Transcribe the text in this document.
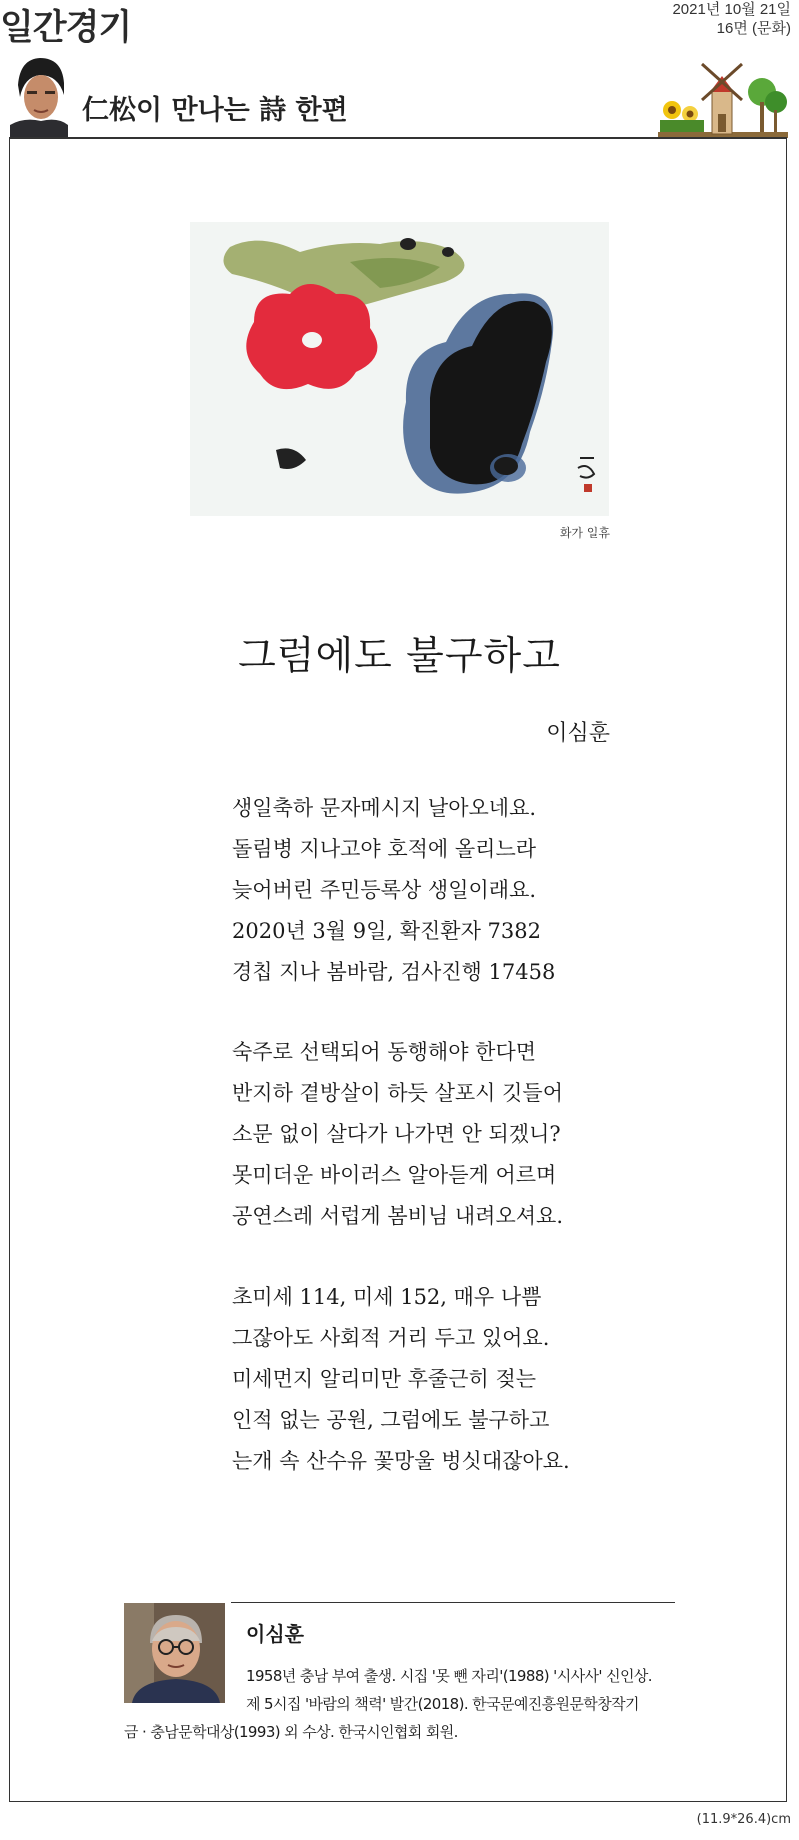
일간경기	2021년 10월 21일
16면 (문화)
仁松이 만나는 詩 한편
화가 일휴
그럼에도 불구하고
이심훈
생일축하 문자메시지 날아오네요.
돌림병 지나고야 호적에 올리느라
늦어버린 주민등록상 생일이래요.
2020년 3월 9일, 확진환자 7382
경칩 지나 봄바람, 검사진행 17458
숙주로 선택되어 동행해야 한다면
반지하 곁방살이 하듯 살포시 깃들어
소문 없이 살다가 나가면 안 되겠니?
못미더운 바이러스 알아듣게 어르며
공연스레 서럽게 봄비님 내려오셔요.
초미세 114, 미세 152, 매우 나쁨
그잖아도 사회적 거리 두고 있어요.
미세먼지 알리미만 후줄근히 젖는
인적 없는 공원, 그럼에도 불구하고
는개 속 산수유 꽃망울 벙싯대잖아요.
이심훈
1958년 충남 부여 출생. 시집 '못 뺀 자리'(1988) '시사사' 신인상.
제 5시집 '바람의 책력' 발간(2018). 한국문예진흥원문학창작기
금 · 충남문학대상(1993) 외 수상. 한국시인협회 회원.
(11.9*26.4)cm
